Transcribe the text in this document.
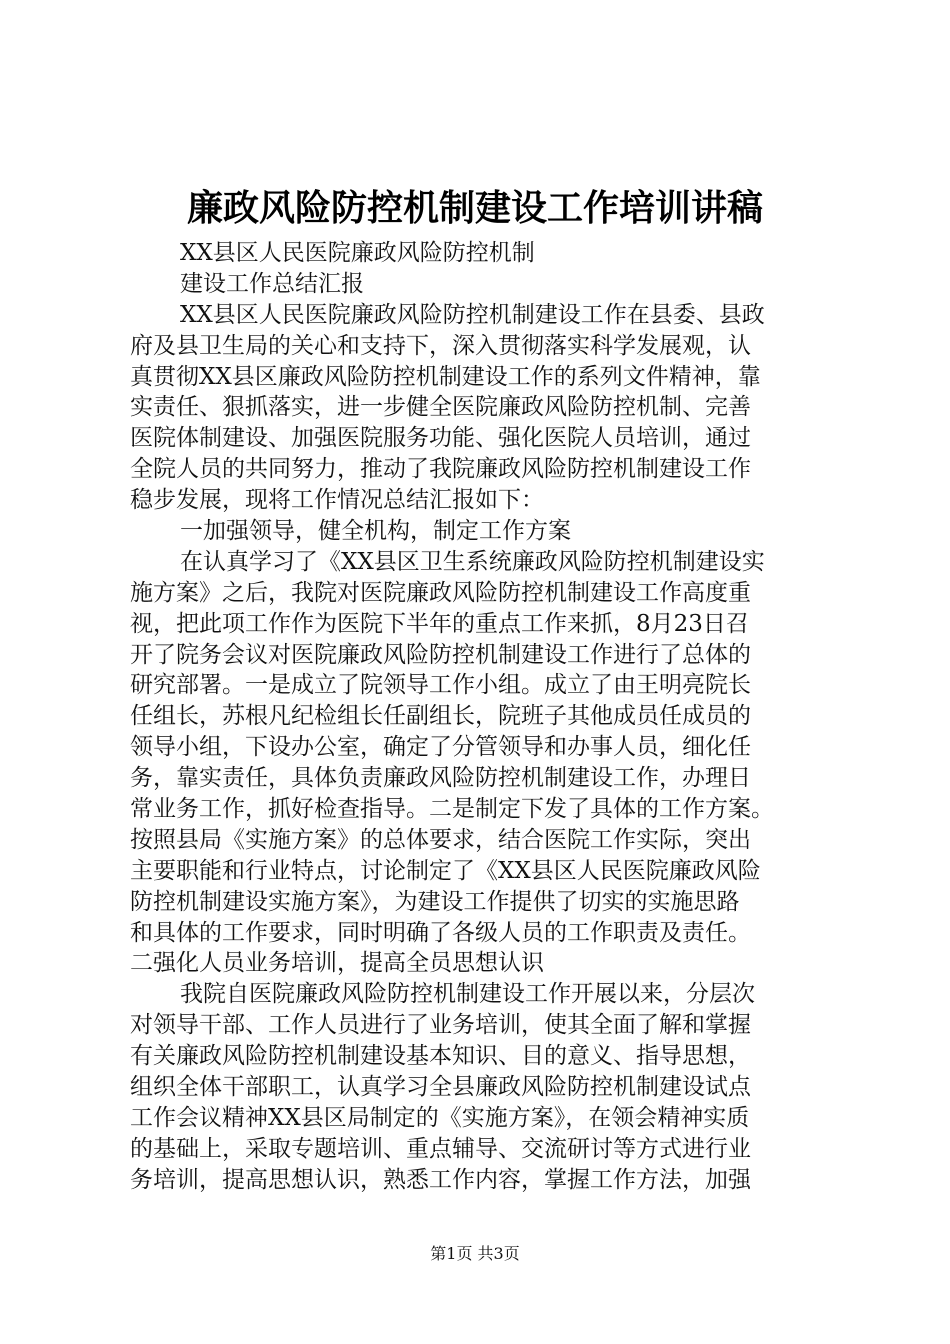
廉政风险防控机制建设工作培训讲稿
XX县区人民医院廉政风险防控机制
建设工作总结汇报
XX县区人民医院廉政风险防控机制建设工作在县委、县政
府及县卫生局的关心和支持下，深入贯彻落实科学发展观，认
真贯彻XX县区廉政风险防控机制建设工作的系列文件精神，靠
实责任、狠抓落实，进一步健全医院廉政风险防控机制、完善
医院体制建设、加强医院服务功能、强化医院人员培训，通过
全院人员的共同努力，推动了我院廉政风险防控机制建设工作
稳步发展，现将工作情况总结汇报如下：
一加强领导，健全机构，制定工作方案
在认真学习了《XX县区卫生系统廉政风险防控机制建设实
施方案》之后，我院对医院廉政风险防控机制建设工作高度重
视，把此项工作作为医院下半年的重点工作来抓，8月23日召
开了院务会议对医院廉政风险防控机制建设工作进行了总体的
研究部署。一是成立了院领导工作小组。成立了由王明亮院长
任组长，苏根凡纪检组长任副组长，院班子其他成员任成员的
领导小组，下设办公室，确定了分管领导和办事人员，细化任
务，靠实责任，具体负责廉政风险防控机制建设工作，办理日
常业务工作，抓好检查指导。二是制定下发了具体的工作方案。
按照县局《实施方案》的总体要求，结合医院工作实际，突出
主要职能和行业特点，讨论制定了《XX县区人民医院廉政风险
防控机制建设实施方案》，为建设工作提供了切实的实施思路
和具体的工作要求，同时明确了各级人员的工作职责及责任。
二强化人员业务培训，提高全员思想认识
我院自医院廉政风险防控机制建设工作开展以来，分层次
对领导干部、工作人员进行了业务培训，使其全面了解和掌握
有关廉政风险防控机制建设基本知识、目的意义、指导思想，
组织全体干部职工，认真学习全县廉政风险防控机制建设试点
工作会议精神XX县区局制定的《实施方案》，在领会精神实质
的基础上，采取专题培训、重点辅导、交流研讨等方式进行业
务培训，提高思想认识，熟悉工作内容，掌握工作方法，加强
第1页 共3页
